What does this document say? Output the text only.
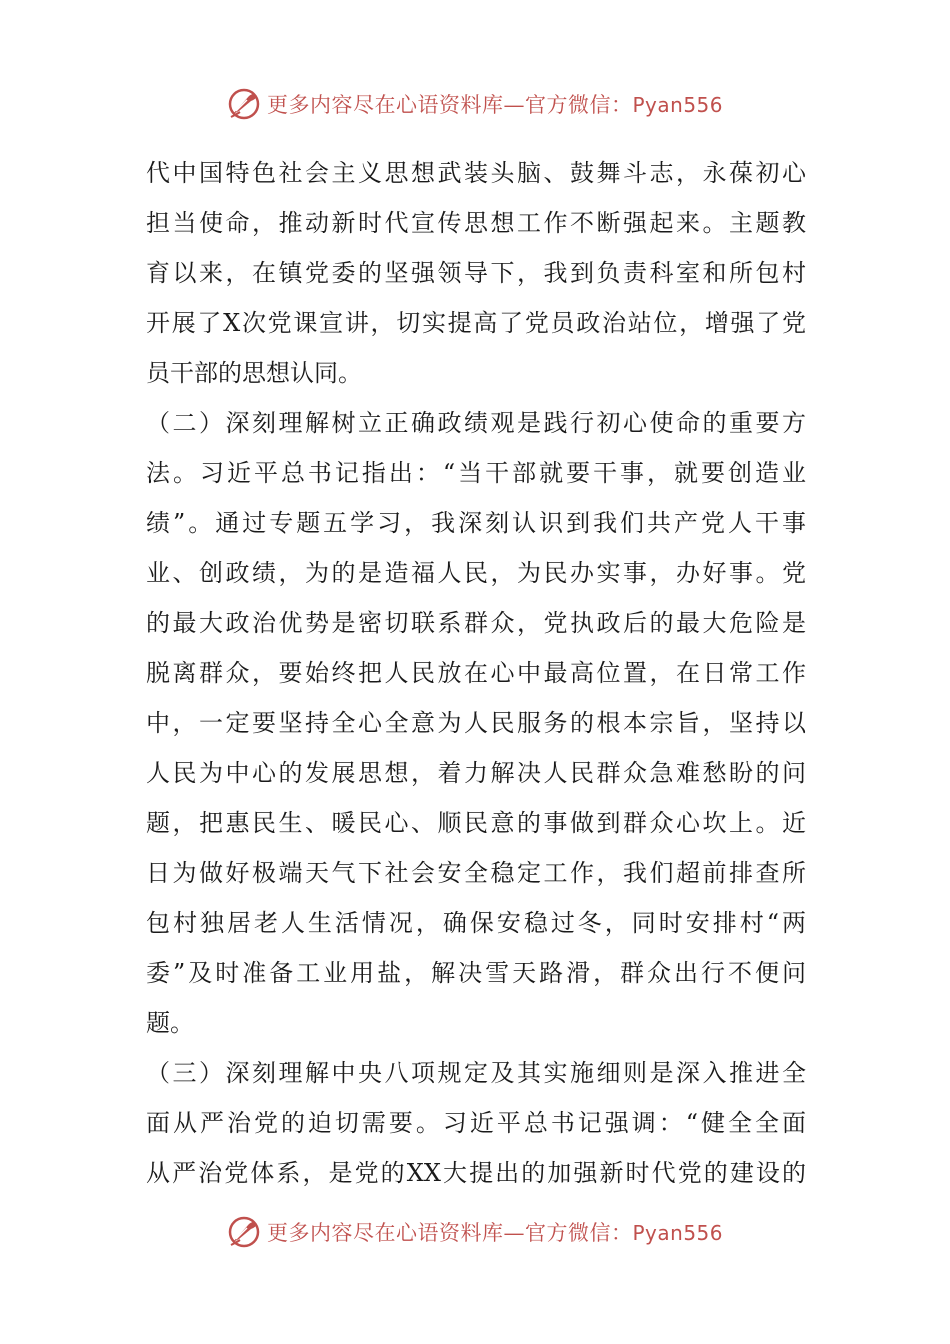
更多内容尽在心语资料库—官方微信：Pyan556
代中国特色社会主义思想武装头脑、鼓舞斗志，永葆初心
担当使命，推动新时代宣传思想工作不断强起来。主题教
育以来，在镇党委的坚强领导下，我到负责科室和所包村
开展了X次党课宣讲，切实提高了党员政治站位，增强了党
员干部的思想认同。
（二）深刻理解树立正确政绩观是践行初心使命的重要方
法。习近平总书记指出：“当干部就要干事，就要创造业
绩”。通过专题五学习，我深刻认识到我们共产党人干事
业、创政绩，为的是造福人民，为民办实事，办好事。党
的最大政治优势是密切联系群众，党执政后的最大危险是
脱离群众，要始终把人民放在心中最高位置，在日常工作
中，一定要坚持全心全意为人民服务的根本宗旨，坚持以
人民为中心的发展思想，着力解决人民群众急难愁盼的问
题，把惠民生、暖民心、顺民意的事做到群众心坎上。近
日为做好极端天气下社会安全稳定工作，我们超前排查所
包村独居老人生活情况，确保安稳过冬，同时安排村“两
委”及时准备工业用盐，解决雪天路滑，群众出行不便问
题。
（三）深刻理解中央八项规定及其实施细则是深入推进全
面从严治党的迫切需要。习近平总书记强调：“健全全面
从严治党体系，是党的XX大提出的加强新时代党的建设的
更多内容尽在心语资料库—官方微信：Pyan556
